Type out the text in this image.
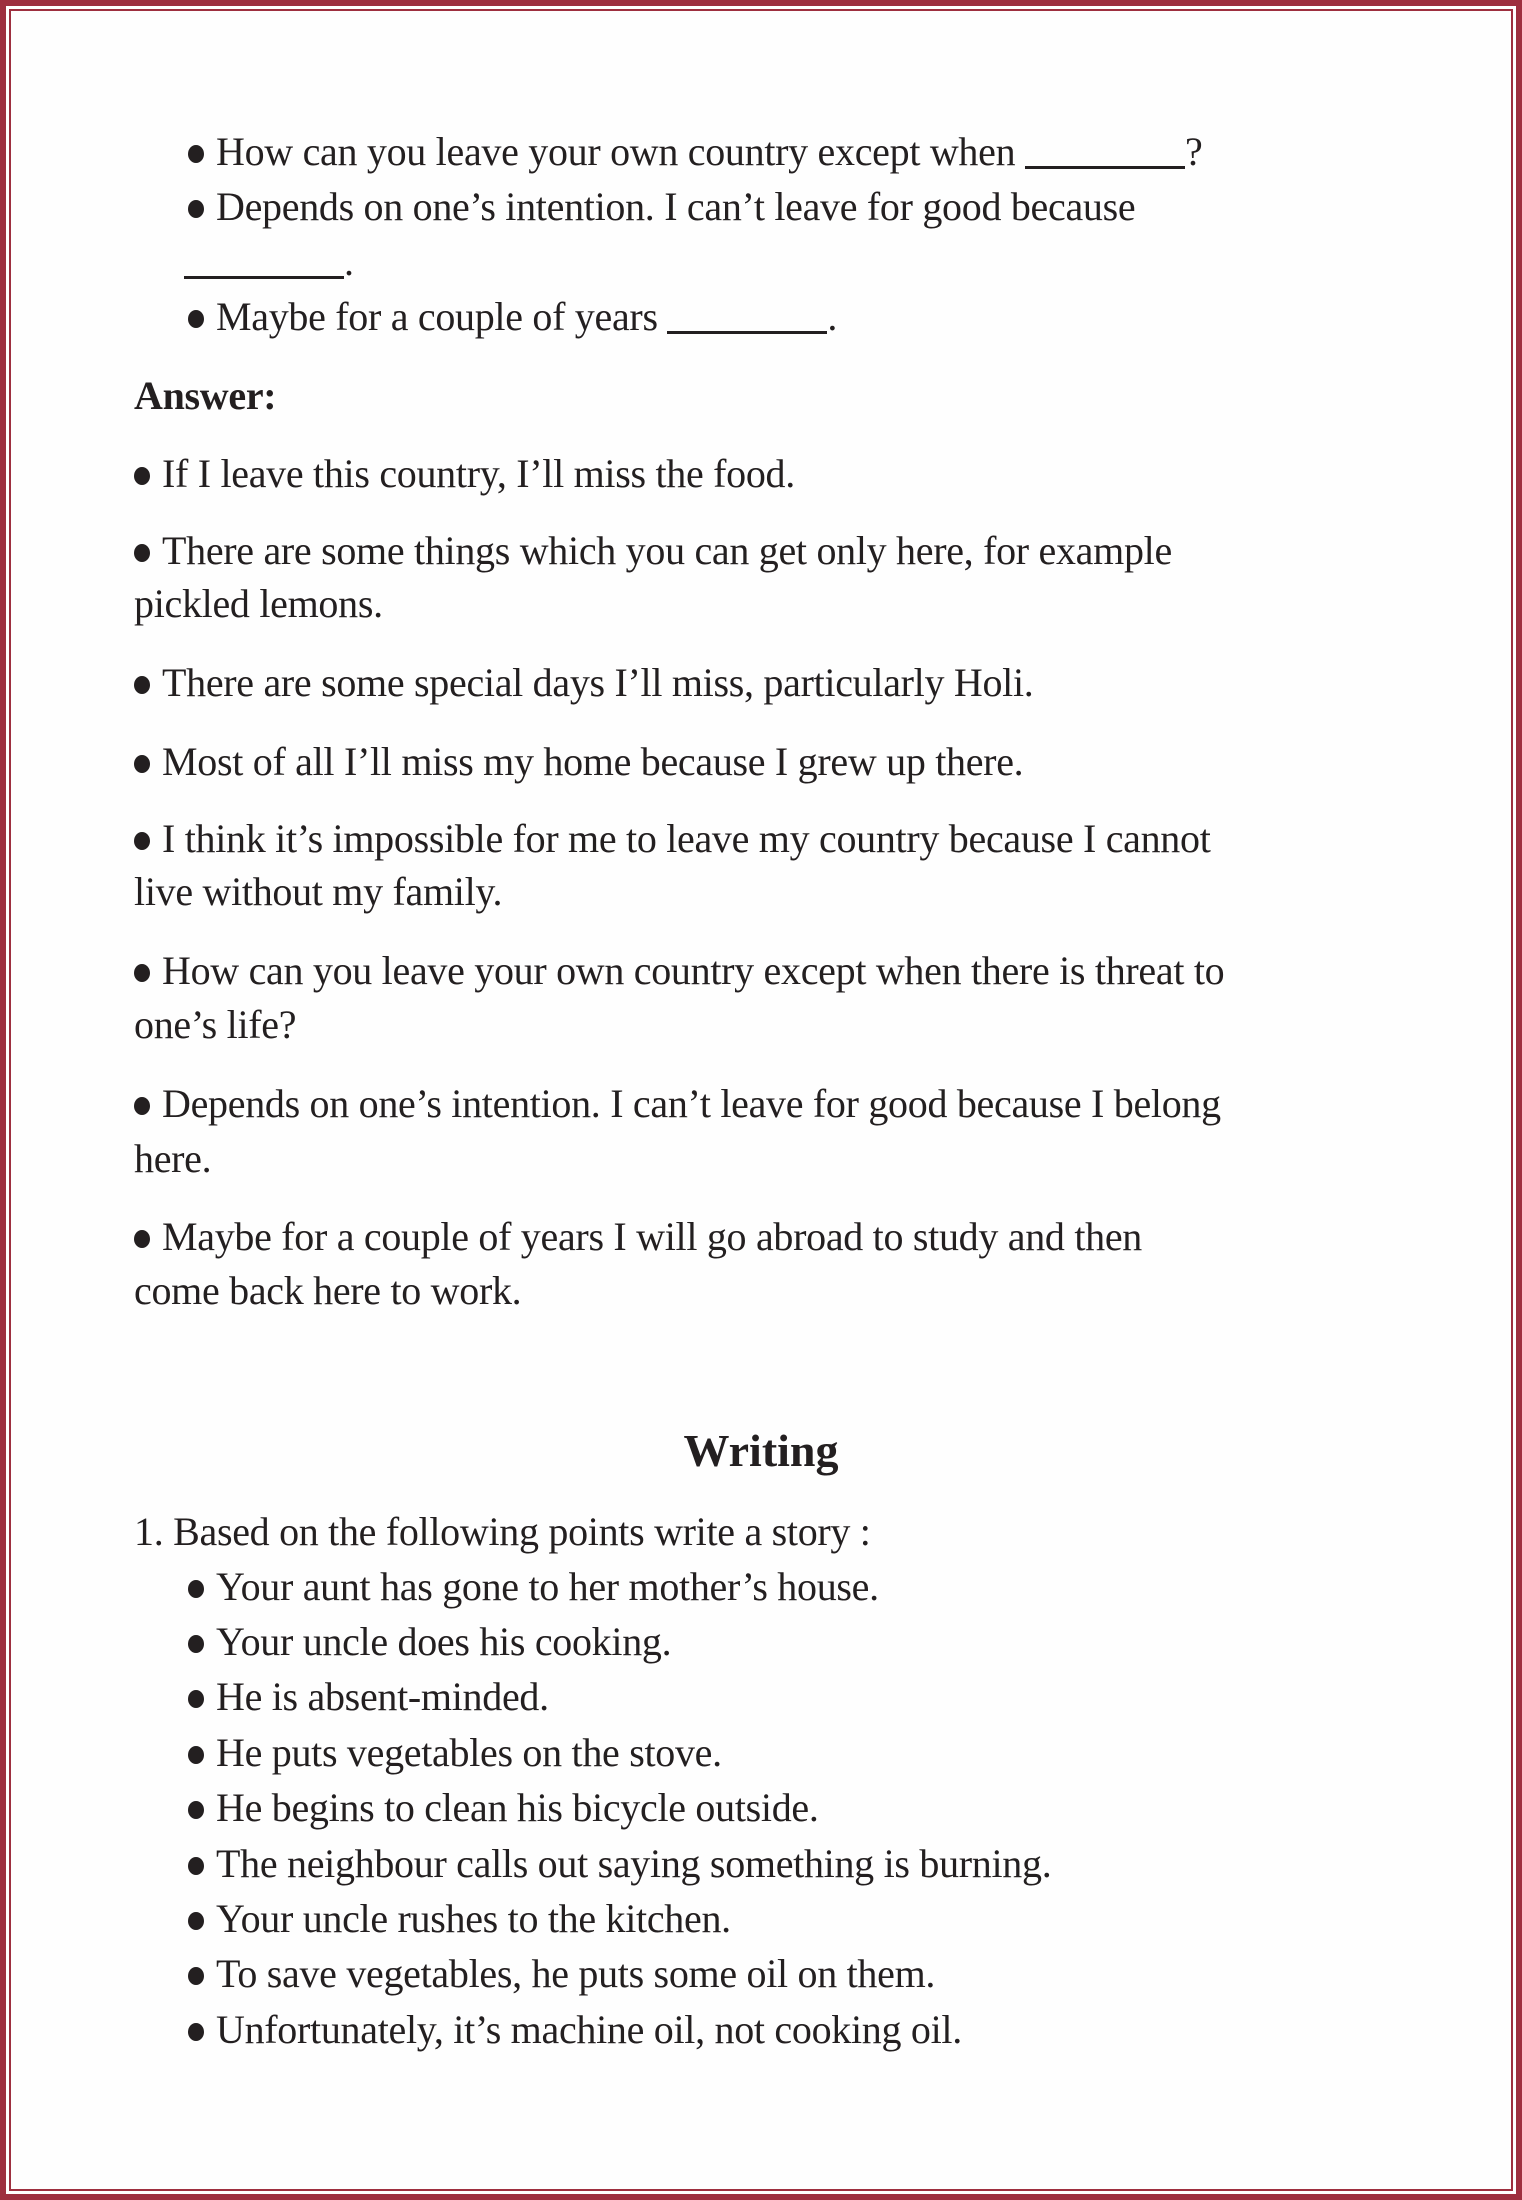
How can you leave your own country except when	?
Depends on one’s intention. I can’t leave for good because
.
Maybe for a couple of years	.
Answer:
If I leave this country, I’ll miss the food.
There are some things which you can get only here, for example
pickled lemons.
There are some special days I’ll miss, particularly Holi.
Most of all I’ll miss my home because I grew up there.
I think it’s impossible for me to leave my country because I cannot
live without my family.
How can you leave your own country except when there is threat to
one’s life?
Depends on one’s intention. I can’t leave for good because I belong
here.
Maybe for a couple of years I will go abroad to study and then
come back here to work.
Writing
1. Based on the following points write a story :
Your aunt has gone to her mother’s house.
Your uncle does his cooking.
He is absent-minded.
He puts vegetables on the stove.
He begins to clean his bicycle outside.
The neighbour calls out saying something is burning.
Your uncle rushes to the kitchen.
To save vegetables, he puts some oil on them.
Unfortunately, it’s machine oil, not cooking oil.
